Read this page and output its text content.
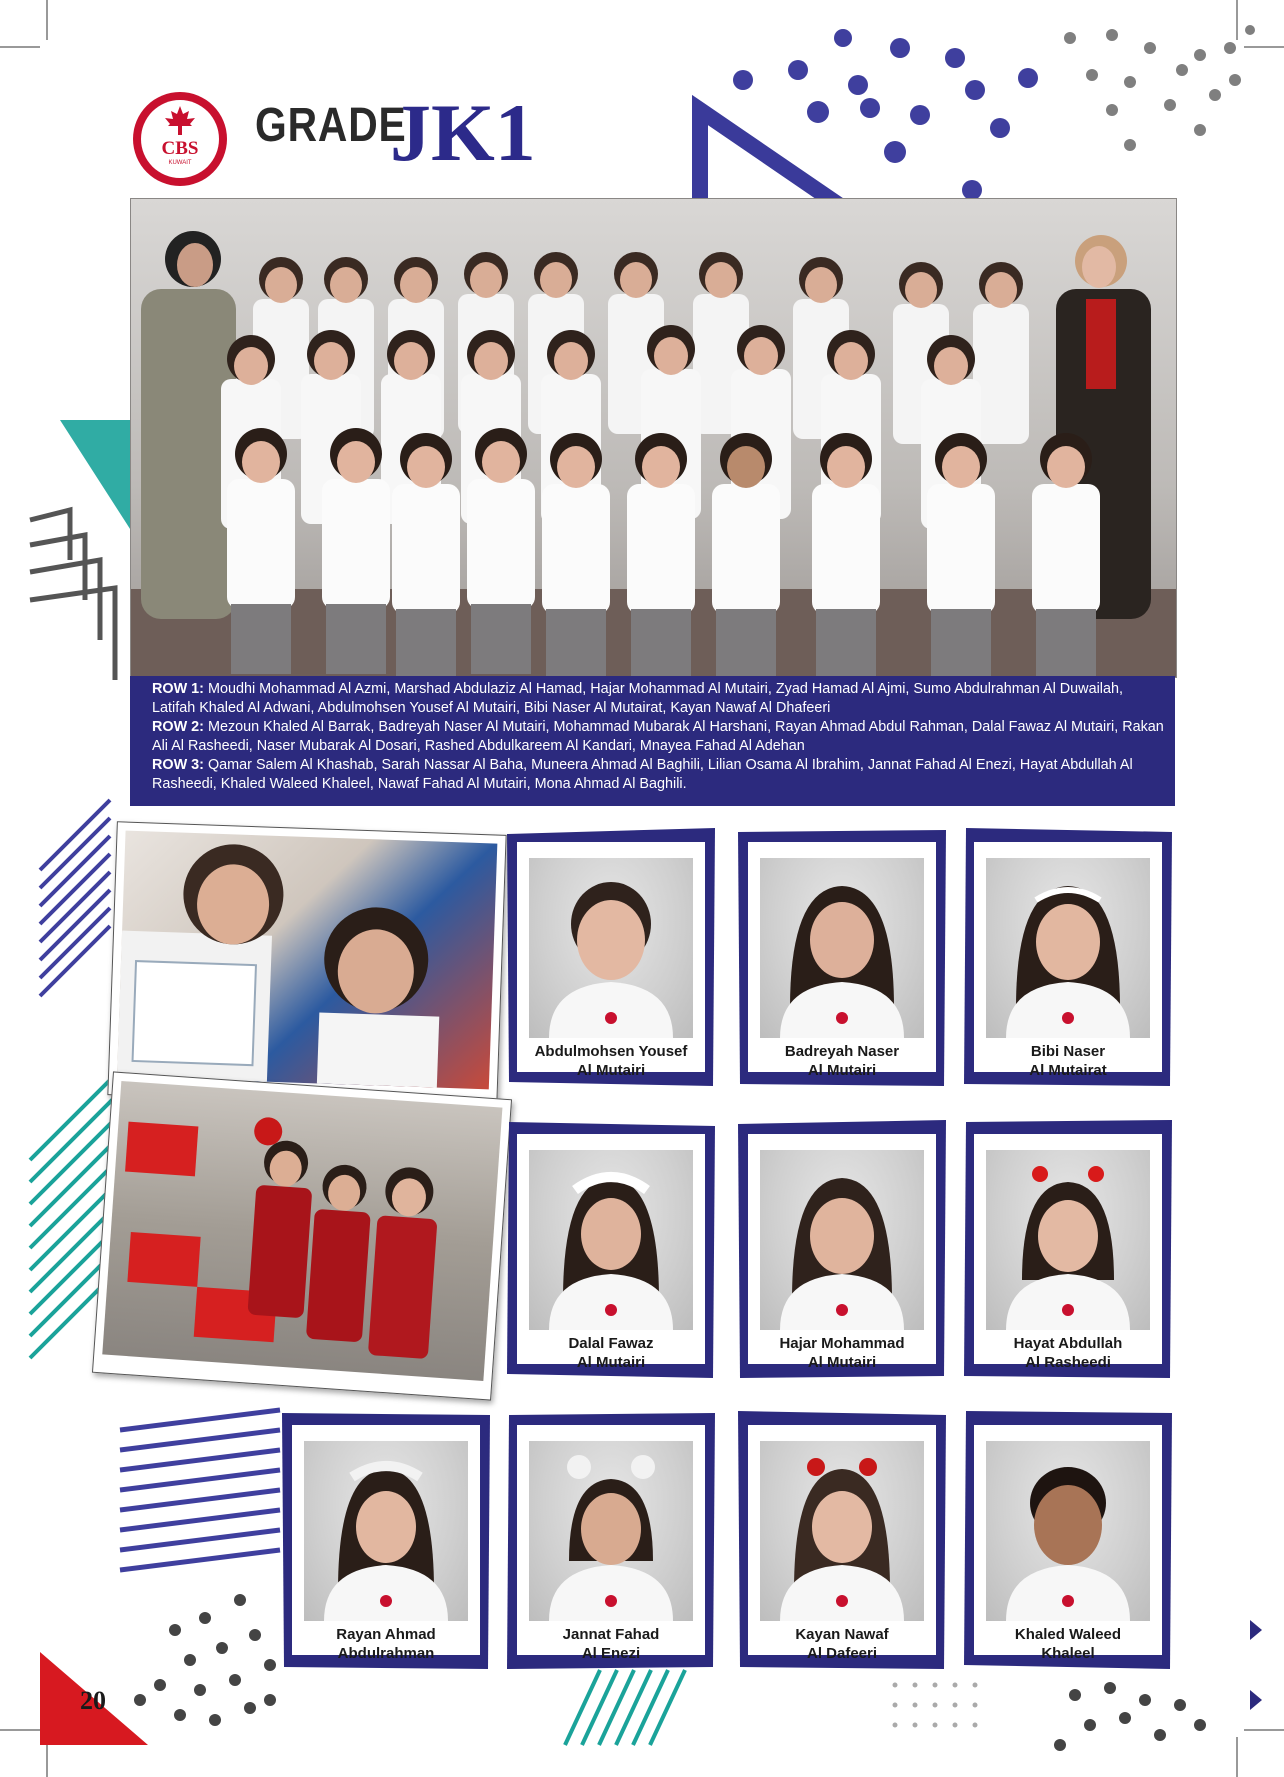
CBS
KUWAIT
GRADE
JK1

ROW 1: Moudhi Mohammad Al Azmi, Marshad Abdulaziz Al Hamad, Hajar Mohammad Al Mutairi, Zyad Hamad Al Ajmi, Sumo Abdulrahman Al Duwailah, Latifah Khaled Al Adwani, Abdulmohsen Yousef Al Mutairi, Bibi Naser Al Mutairat, Kayan Nawaf Al Dhafeeri

ROW 2: Mezoun Khaled Al Barrak, Badreyah Naser Al Mutairi, Mohammad Mubarak Al Harshani, Rayan Ahmad Abdul Rahman, Dalal Fawaz Al Mutairi, Rakan Ali Al Rasheedi, Naser Mubarak Al Dosari, Rashed Abdulkareem Al Kandari, Mnayea Fahad Al Adehan

ROW 3: Qamar Salem Al Khashab, Sarah Nassar Al Baha, Muneera Ahmad Al Baghili, Lilian Osama Al Ibrahim, Jannat Fahad Al Enezi, Hayat Abdullah Al Rasheedi, Khaled Waleed Khaleel, Nawaf Fahad Al Mutairi, Mona Ahmad Al Baghili.

Abdulmohsen Yousef
Al Mutairi
Badreyah Naser
Al Mutairi
Bibi Naser
Al Mutairat
Dalal Fawaz
Al Mutairi
Hajar Mohammad
Al Mutairi
Hayat Abdullah
Al Rasheedi
Rayan Ahmad
Abdulrahman
Jannat Fahad
Al Enezi
Kayan Nawaf
Al Dafeeri
Khaled Waleed
Khaleel
20
